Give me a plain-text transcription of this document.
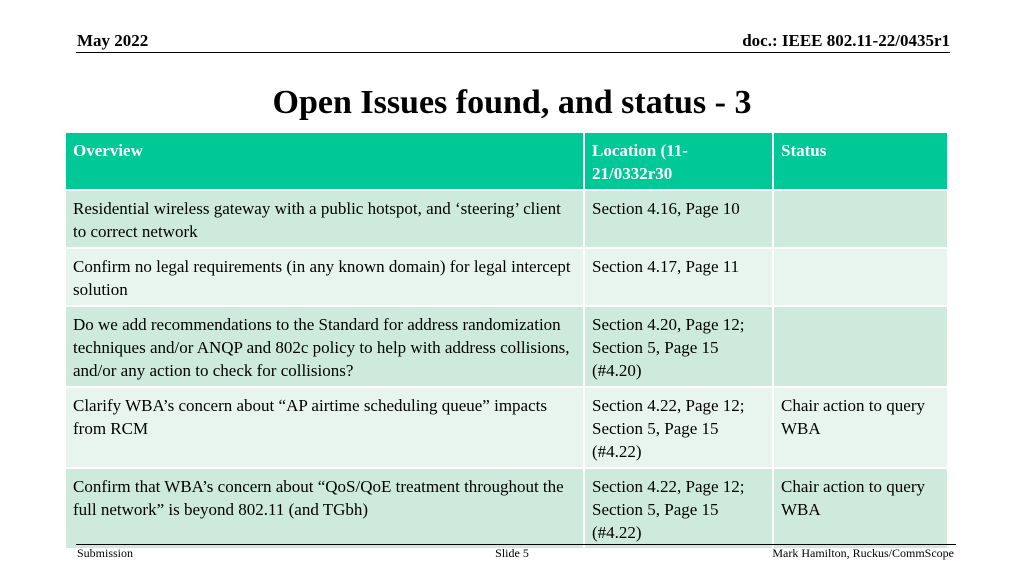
May 2022	doc.: IEEE 802.11-22/0435r1
Open Issues found, and status - 3
Overview	Location (11-21/0332r30	Status
Residential wireless gateway with a public hotspot, and ‘steering’ client to correct network	Section 4.16, Page 10	
Confirm no legal requirements (in any known domain) for legal intercept solution	Section 4.17, Page 11	
Do we add recommendations to the Standard for address randomization techniques and/or ANQP and 802c policy to help with address collisions, and/or any action to check for collisions?	Section 4.20, Page 12; Section 5, Page 15 (#4.20)	
Clarify WBA’s concern about “AP airtime scheduling queue” impacts from RCM	Section 4.22, Page 12; Section 5, Page 15 (#4.22)	Chair action to query WBA
Confirm that WBA’s concern about “QoS/QoE treatment throughout the full network” is beyond 802.11 (and TGbh)	Section 4.22, Page 12; Section 5, Page 15 (#4.22)	Chair action to query WBA
Submission	Slide 5	Mark Hamilton, Ruckus/CommScope
